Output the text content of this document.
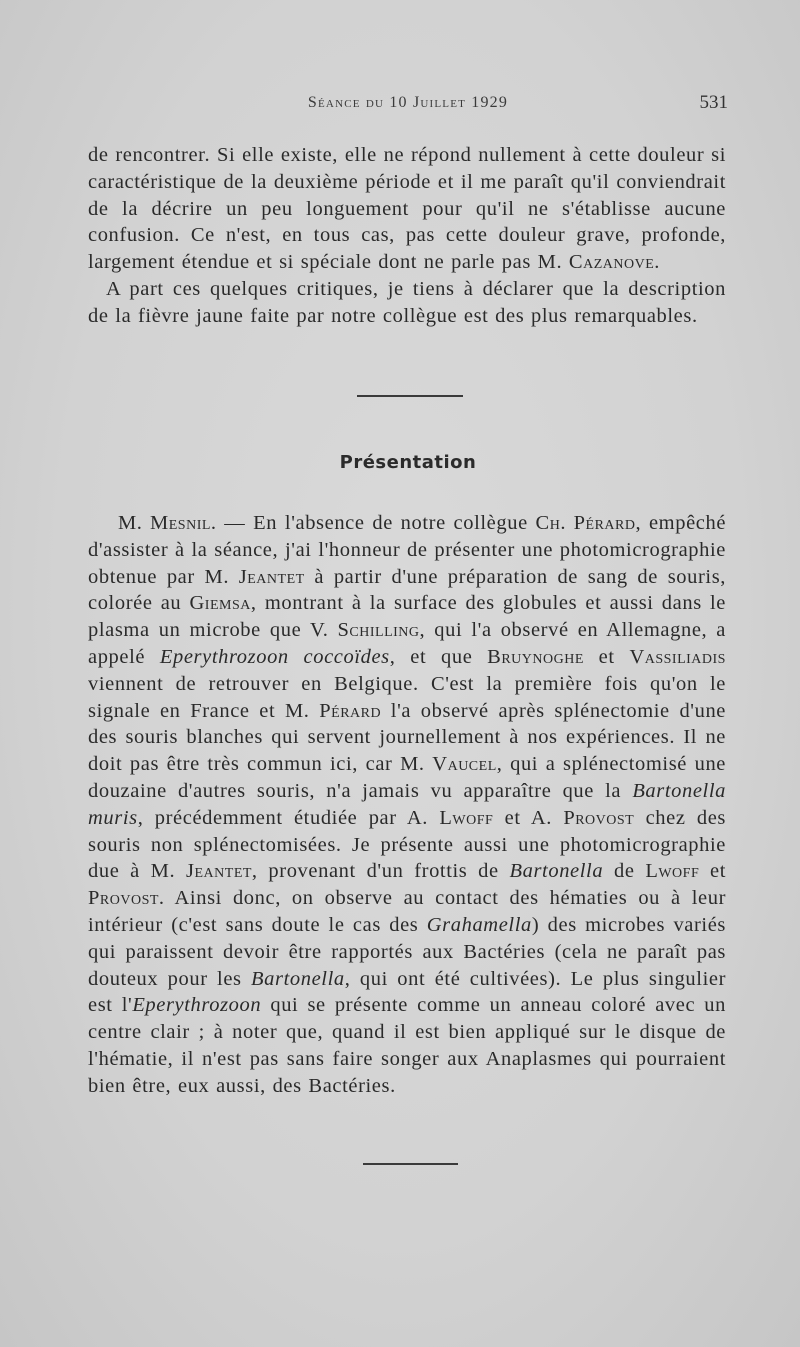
Séance du 10 Juillet 1929	531

de rencontrer. Si elle existe, elle ne répond nullement à cette douleur si caractéristique de la deuxième période et il me paraît qu'il conviendrait de la décrire un peu longuement pour qu'il ne s'établisse aucune confusion. Ce n'est, en tous cas, pas cette douleur grave, profonde, largement étendue et si spéciale dont ne parle pas M. Cazanove.

A part ces quelques critiques, je tiens à déclarer que la description de la fièvre jaune faite par notre collègue est des plus remarquables.

Présentation

M. Mesnil. — En l'absence de notre collègue Ch. Pérard, empêché d'assister à la séance, j'ai l'honneur de présenter une photomicrographie obtenue par M. Jeantet à partir d'une préparation de sang de souris, colorée au Giemsa, montrant à la surface des globules et aussi dans le plasma un microbe que V. Schilling, qui l'a observé en Allemagne, a appelé Eperythrozoon coccoïdes, et que Bruynoghe et Vassiliadis viennent de retrouver en Belgique. C'est la première fois qu'on le signale en France et M. Pérard l'a observé après splénectomie d'une des souris blanches qui servent journellement à nos expériences. Il ne doit pas être très commun ici, car M. Vaucel, qui a splénectomisé une douzaine d'autres souris, n'a jamais vu apparaître que la Bartonella muris, précédemment étudiée par A. Lwoff et A. Provost chez des souris non splénectomisées. Je présente aussi une photomicrographie due à M. Jeantet, provenant d'un frottis de Bartonella de Lwoff et Provost. Ainsi donc, on observe au contact des hématies ou à leur intérieur (c'est sans doute le cas des Grahamella) des microbes variés qui paraissent devoir être rapportés aux Bactéries (cela ne paraît pas douteux pour les Bartonella, qui ont été cultivées). Le plus singulier est l'Eperythrozoon qui se présente comme un anneau coloré avec un centre clair ; à noter que, quand il est bien appliqué sur le disque de l'hématie, il n'est pas sans faire songer aux Anaplasmes qui pourraient bien être, eux aussi, des Bactéries.
